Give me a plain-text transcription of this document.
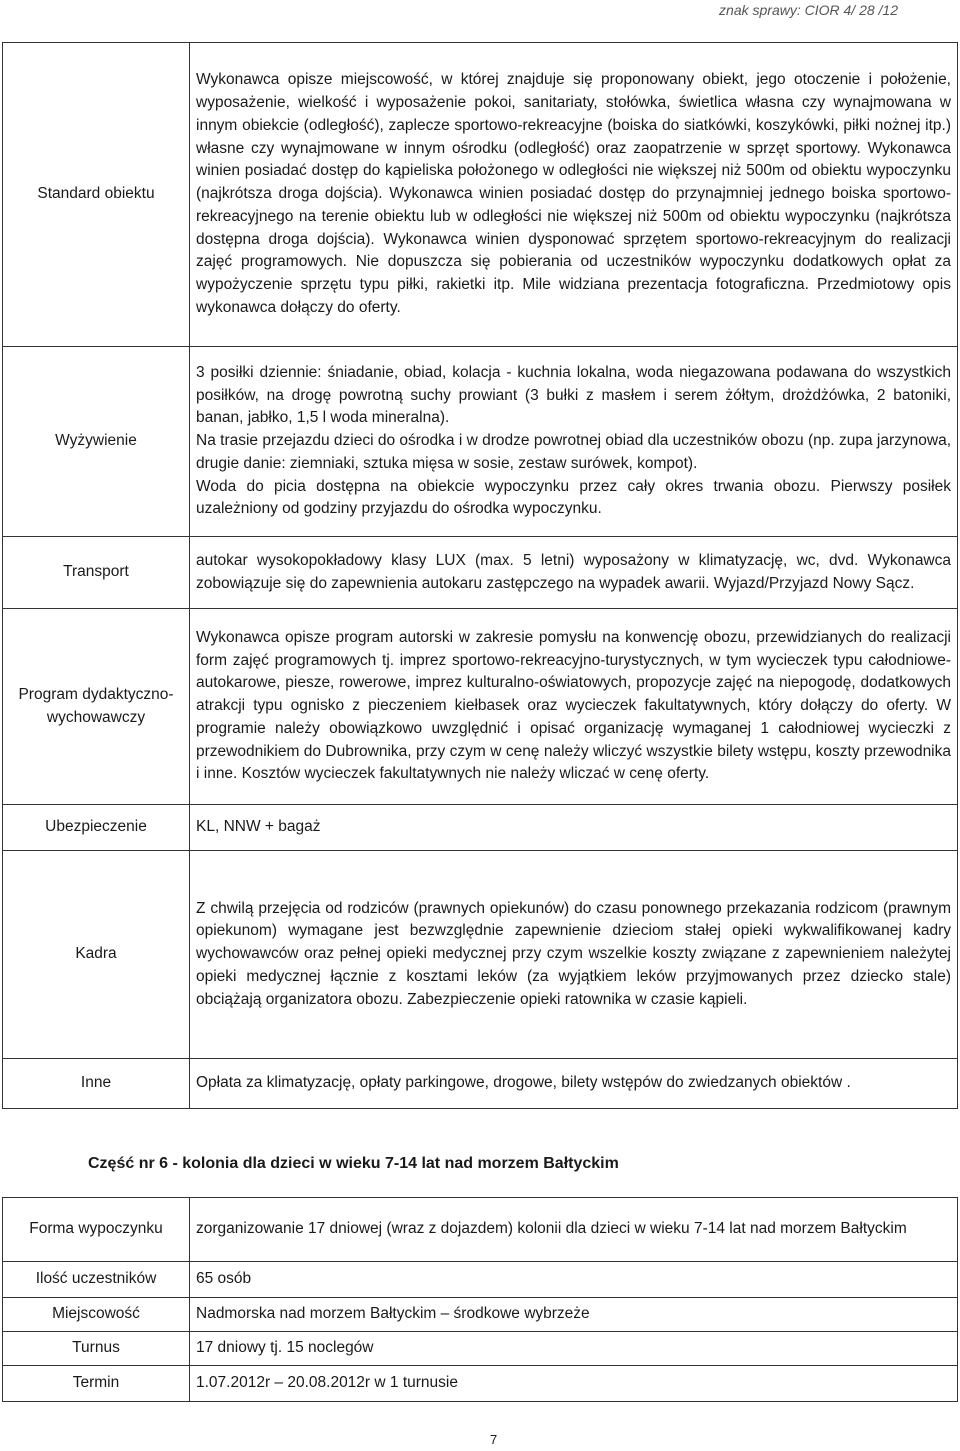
znak sprawy: CIOR 4/ 28 /12
Standard obiektu	Wykonawca opisze miejscowość, w której znajduje się proponowany obiekt, jego otoczenie i położenie, wyposażenie, wielkość i wyposażenie pokoi, sanitariaty, stołówka, świetlica własna czy wynajmowana w innym obiekcie (odległość), zaplecze sportowo-rekreacyjne (boiska do siatkówki, koszykówki, piłki nożnej itp.) własne czy wynajmowane w innym ośrodku (odległość) oraz zaopatrzenie w sprzęt sportowy. Wykonawca winien posiadać dostęp do kąpieliska położonego w odległości nie większej niż 500m od obiektu wypoczynku (najkrótsza droga dojścia). Wykonawca winien posiadać dostęp do przynajmniej jednego boiska sportowo-rekreacyjnego na terenie obiektu lub w odległości nie większej niż 500m od obiektu wypoczynku (najkrótsza dostępna droga dojścia). Wykonawca winien dysponować sprzętem sportowo-rekreacyjnym do realizacji zajęć programowych. Nie dopuszcza się pobierania od uczestników wypoczynku dodatkowych opłat za wypożyczenie sprzętu typu piłki, rakietki itp. Mile widziana prezentacja fotograficzna. Przedmiotowy opis wykonawca dołączy do oferty.

Wyżywienie	3 posiłki dziennie: śniadanie, obiad, kolacja - kuchnia lokalna, woda niegazowana podawana do wszystkich posiłków, na drogę powrotną suchy prowiant (3 bułki z masłem i serem żółtym, drożdżówka, 2 batoniki, banan, jabłko, 1,5 l woda mineralna).

Na trasie przejazdu dzieci do ośrodka i w drodze powrotnej obiad dla uczestników obozu (np. zupa jarzynowa, drugie danie: ziemniaki, sztuka mięsa w sosie, zestaw surówek, kompot).

Woda do picia dostępna na obiekcie wypoczynku przez cały okres trwania obozu. Pierwszy posiłek uzależniony od godziny przyjazdu do ośrodka wypoczynku.

Transport	autokar wysokopokładowy klasy LUX (max. 5 letni) wyposażony w klimatyzację, wc, dvd. Wykonawca zobowiązuje się do zapewnienia autokaru zastępczego na wypadek awarii. Wyjazd/Przyjazd Nowy Sącz.

Program dydaktyczno-wychowawczy	Wykonawca opisze program autorski w zakresie pomysłu na konwencję obozu, przewidzianych do realizacji form zajęć programowych tj. imprez sportowo-rekreacyjno-turystycznych, w tym wycieczek typu całodniowe-autokarowe, piesze, rowerowe, imprez kulturalno-oświatowych, propozycje zajęć na niepogodę, dodatkowych atrakcji typu ognisko z pieczeniem kiełbasek oraz wycieczek fakultatywnych, który dołączy do oferty. W programie należy obowiązkowo uwzględnić i opisać organizację wymaganej 1 całodniowej wycieczki z przewodnikiem do Dubrownika, przy czym w cenę należy wliczyć wszystkie bilety wstępu, koszty przewodnika i inne. Kosztów wycieczek fakultatywnych nie należy wliczać w cenę oferty.

Ubezpieczenie	KL, NNW + bagaż

Kadra	Z chwilą przejęcia od rodziców (prawnych opiekunów) do czasu ponownego przekazania rodzicom (prawnym opiekunom) wymagane jest bezwzględnie zapewnienie dzieciom stałej opieki wykwalifikowanej kadry wychowawców oraz pełnej opieki medycznej przy czym wszelkie koszty związane z zapewnieniem należytej opieki medycznej łącznie z kosztami leków (za wyjątkiem leków przyjmowanych przez dziecko stale) obciążają organizatora obozu. Zabezpieczenie opieki ratownika w czasie kąpieli.

Inne	Opłata za klimatyzację, opłaty parkingowe, drogowe, bilety wstępów do zwiedzanych obiektów .

Część nr 6 - kolonia dla dzieci w wieku 7-14 lat nad morzem Bałtyckim
Forma wypoczynku	zorganizowanie 17 dniowej (wraz z dojazdem) kolonii dla dzieci w wieku 7-14 lat nad morzem Bałtyckim
Ilość uczestników	65 osób
Miejscowość	Nadmorska nad morzem Bałtyckim – środkowe wybrzeże
Turnus	17 dniowy tj. 15 noclegów
Termin	1.07.2012r – 20.08.2012r w 1 turnusie
7
